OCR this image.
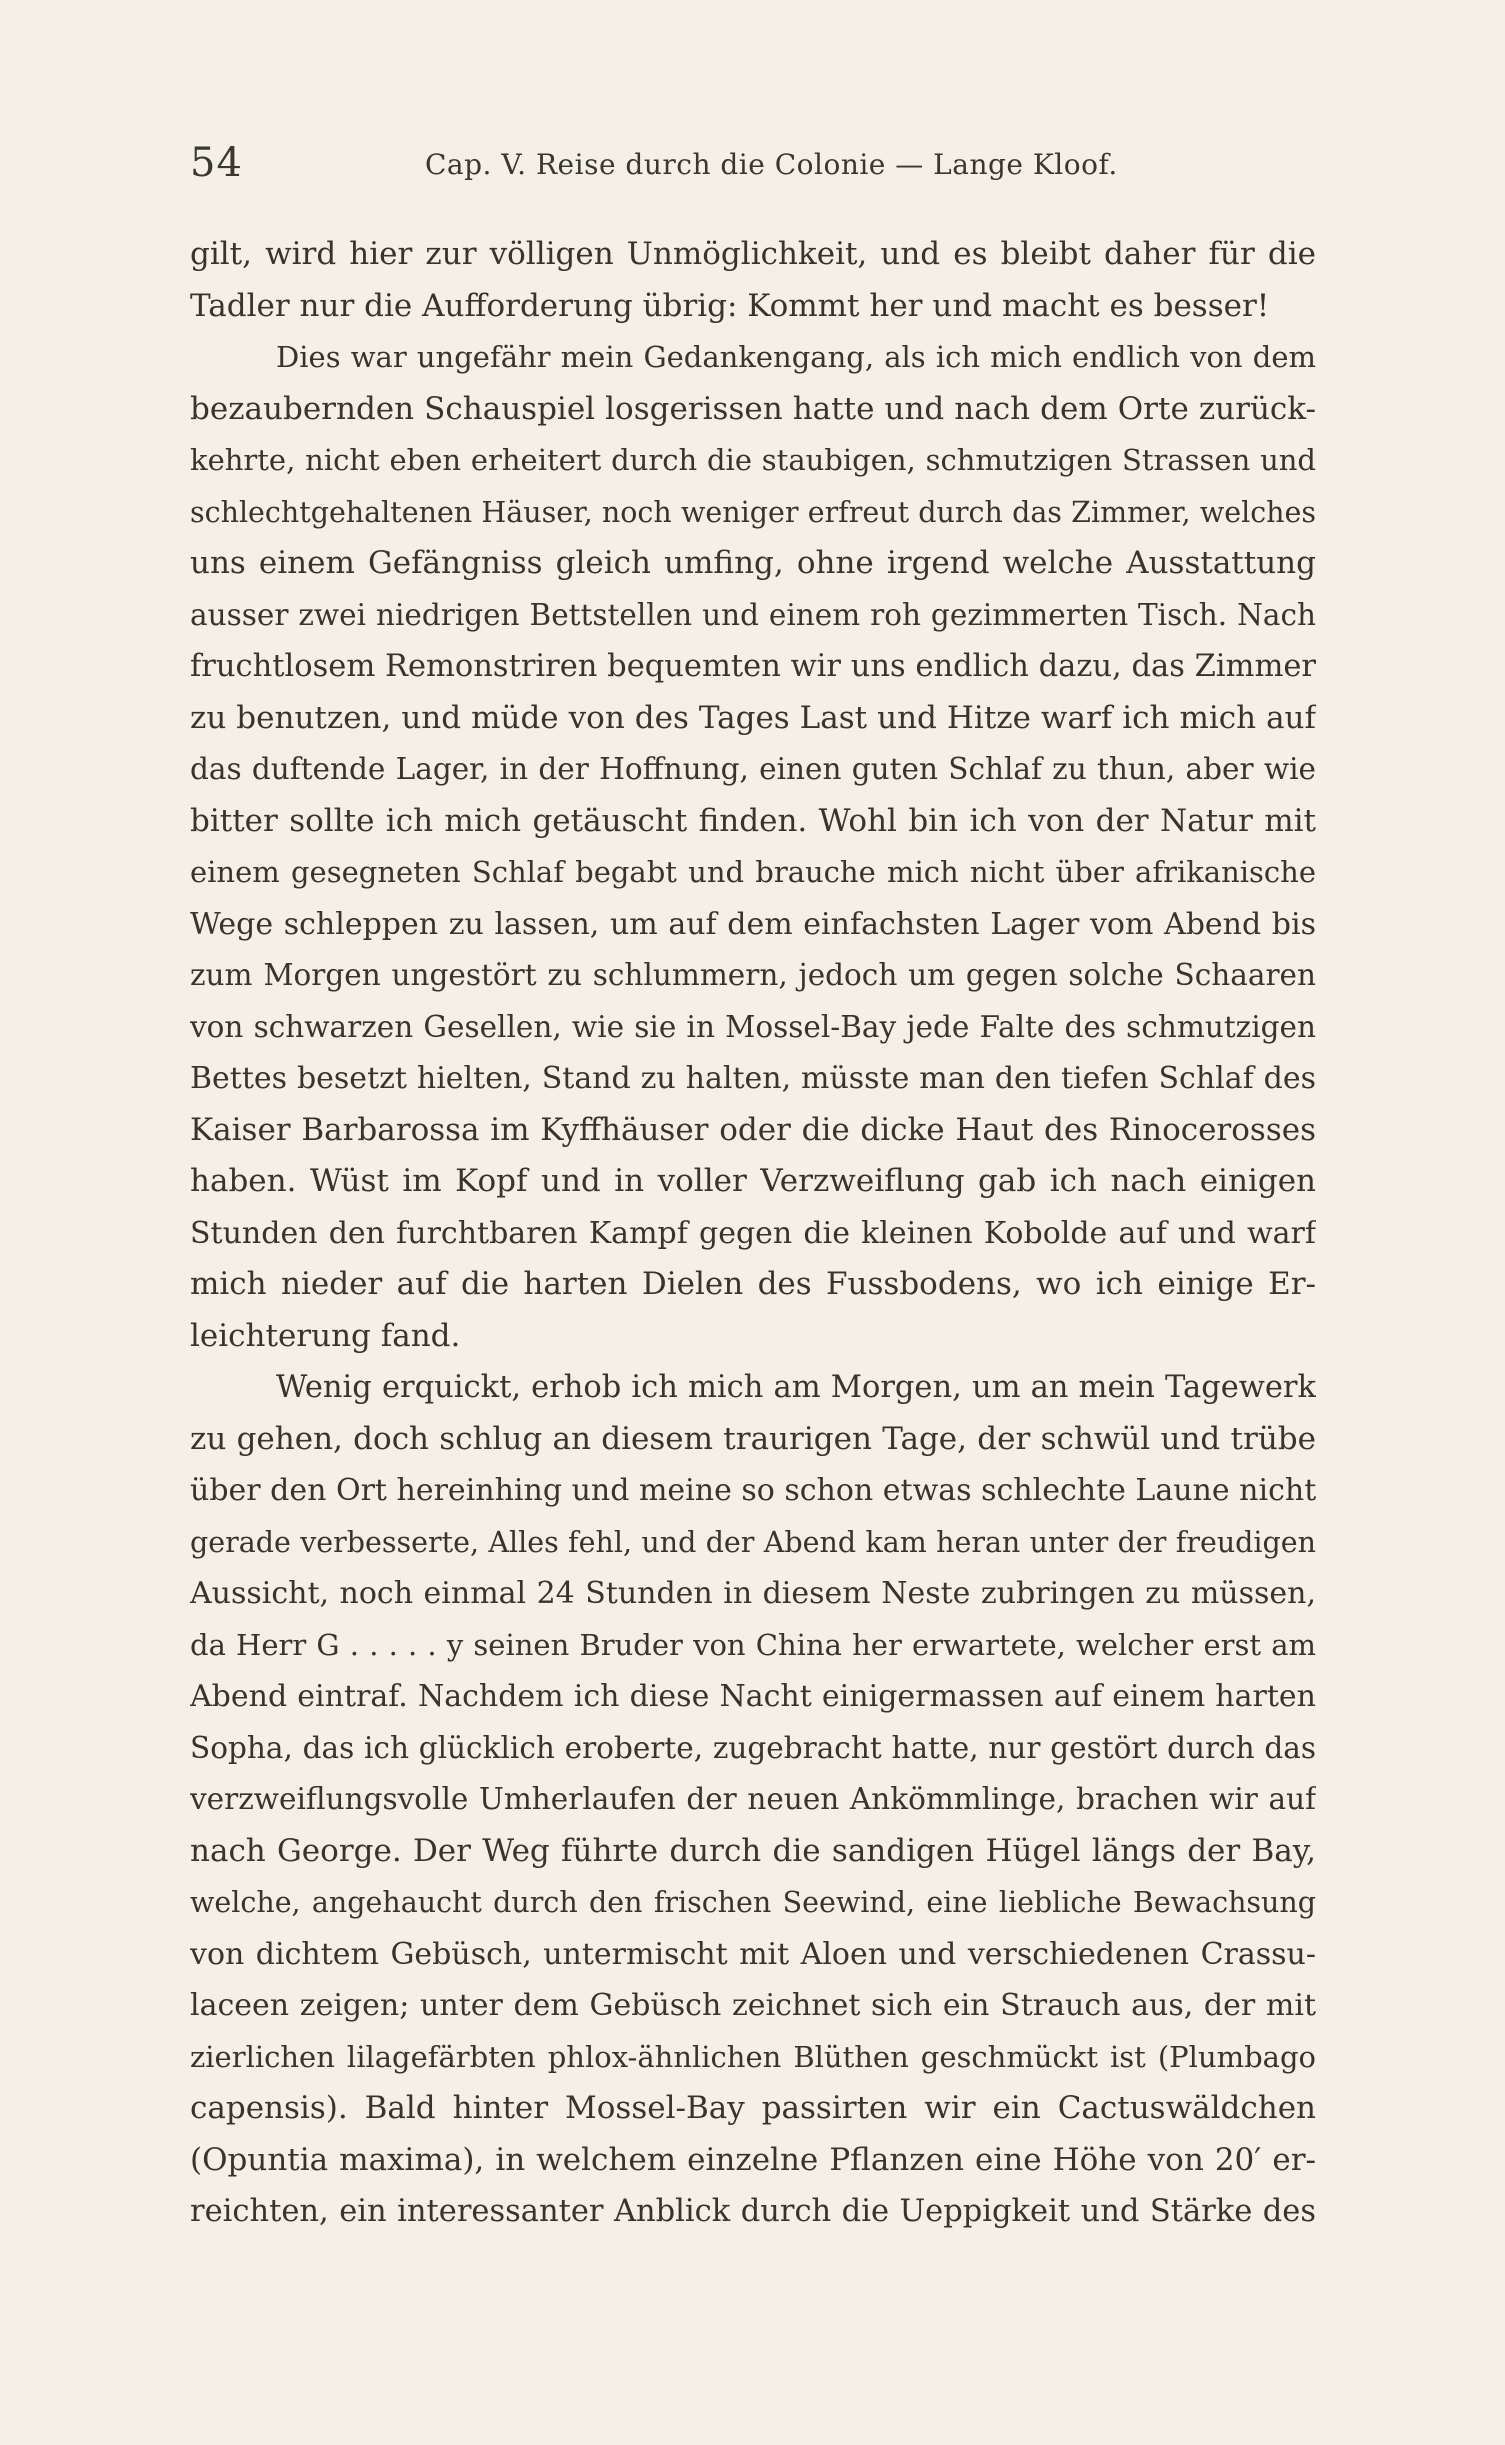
54	Cap. V. Reise durch die Colonie — Lange Kloof.
gilt, wird hier zur völligen Unmöglichkeit, und es bleibt daher für die
Tadler nur die Aufforderung übrig: Kommt her und macht es besser!
Dies war ungefähr mein Gedankengang, als ich mich endlich von dem
bezaubernden Schauspiel losgerissen hatte und nach dem Orte zurück-
kehrte, nicht eben erheitert durch die staubigen, schmutzigen Strassen und
schlechtgehaltenen Häuser, noch weniger erfreut durch das Zimmer, welches
uns einem Gefängniss gleich umfing, ohne irgend welche Ausstattung
ausser zwei niedrigen Bettstellen und einem roh gezimmerten Tisch. Nach
fruchtlosem Remonstriren bequemten wir uns endlich dazu, das Zimmer
zu benutzen, und müde von des Tages Last und Hitze warf ich mich auf
das duftende Lager, in der Hoffnung, einen guten Schlaf zu thun, aber wie
bitter sollte ich mich getäuscht finden. Wohl bin ich von der Natur mit
einem gesegneten Schlaf begabt und brauche mich nicht über afrikanische
Wege schleppen zu lassen, um auf dem einfachsten Lager vom Abend bis
zum Morgen ungestört zu schlummern, jedoch um gegen solche Schaaren
von schwarzen Gesellen, wie sie in Mossel-Bay jede Falte des schmutzigen
Bettes besetzt hielten, Stand zu halten, müsste man den tiefen Schlaf des
Kaiser Barbarossa im Kyffhäuser oder die dicke Haut des Rinocerosses
haben. Wüst im Kopf und in voller Verzweiflung gab ich nach einigen
Stunden den furchtbaren Kampf gegen die kleinen Kobolde auf und warf
mich nieder auf die harten Dielen des Fussbodens, wo ich einige Er-
leichterung fand.
Wenig erquickt, erhob ich mich am Morgen, um an mein Tagewerk
zu gehen, doch schlug an diesem traurigen Tage, der schwül und trübe
über den Ort hereinhing und meine so schon etwas schlechte Laune nicht
gerade verbesserte, Alles fehl, und der Abend kam heran unter der freudigen
Aussicht, noch einmal 24 Stunden in diesem Neste zubringen zu müssen,
da Herr G . . . . . y seinen Bruder von China her erwartete, welcher erst am
Abend eintraf. Nachdem ich diese Nacht einigermassen auf einem harten
Sopha, das ich glücklich eroberte, zugebracht hatte, nur gestört durch das
verzweiflungsvolle Umherlaufen der neuen Ankömmlinge, brachen wir auf
nach George. Der Weg führte durch die sandigen Hügel längs der Bay,
welche, angehaucht durch den frischen Seewind, eine liebliche Bewachsung
von dichtem Gebüsch, untermischt mit Aloen und verschiedenen Crassu-
laceen zeigen; unter dem Gebüsch zeichnet sich ein Strauch aus, der mit
zierlichen lilagefärbten phlox-ähnlichen Blüthen geschmückt ist (Plumbago
capensis). Bald hinter Mossel-Bay passirten wir ein Cactuswäldchen
(Opuntia maxima), in welchem einzelne Pflanzen eine Höhe von 20′ er-
reichten, ein interessanter Anblick durch die Ueppigkeit und Stärke des
